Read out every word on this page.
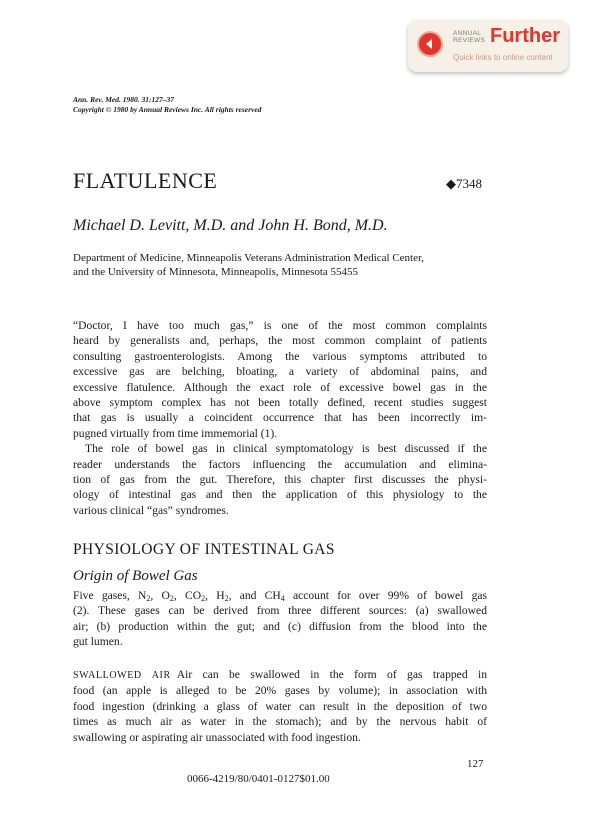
ANNUAL
REVIEWS Further
Quick links to online content
Ann. Rev. Med. 1980. 31:127–37
Copyright © 1980 by Annual Reviews Inc. All rights reserved
FLATULENCE	◆7348
Michael D. Levitt, M.D. and John H. Bond, M.D.
Department of Medicine, Minneapolis Veterans Administration Medical Center,
and the University of Minnesota, Minneapolis, Minnesota 55455
“Doctor, I have too much gas,” is one of the most common complaints
heard by generalists and, perhaps, the most common complaint of patients
consulting gastroenterologists. Among the various symptoms attributed to
excessive gas are belching, bloating, a variety of abdominal pains, and
excessive flatulence. Although the exact role of excessive bowel gas in the
above symptom complex has not been totally defined, recent studies suggest
that gas is usually a coincident occurrence that has been incorrectly im-
pugned virtually from time immemorial (1).
The role of bowel gas in clinical symptomatology is best discussed if the
reader understands the factors influencing the accumulation and elimina-
tion of gas from the gut. Therefore, this chapter first discusses the physi-
ology of intestinal gas and then the application of this physiology to the
various clinical “gas” syndromes.
PHYSIOLOGY OF INTESTINAL GAS
Origin of Bowel Gas
Five gases, $N_2$, $O_2$, $CO_2$, $H_2$, and $CH_4$ account for over 99% of bowel gas
(2). These gases can be derived from three different sources: (a) swallowed
air; (b) production within the gut; and (c) diffusion from the blood into the
gut lumen.
SWALLOWED AIR Air can be swallowed in the form of gas trapped in
food (an apple is alleged to be 20% gases by volume); in association with
food ingestion (drinking a glass of water can result in the deposition of two
times as much air as water in the stomach); and by the nervous habit of
swallowing or aspirating air unassociated with food ingestion.
127
0066-4219/80/0401-0127$01.00
